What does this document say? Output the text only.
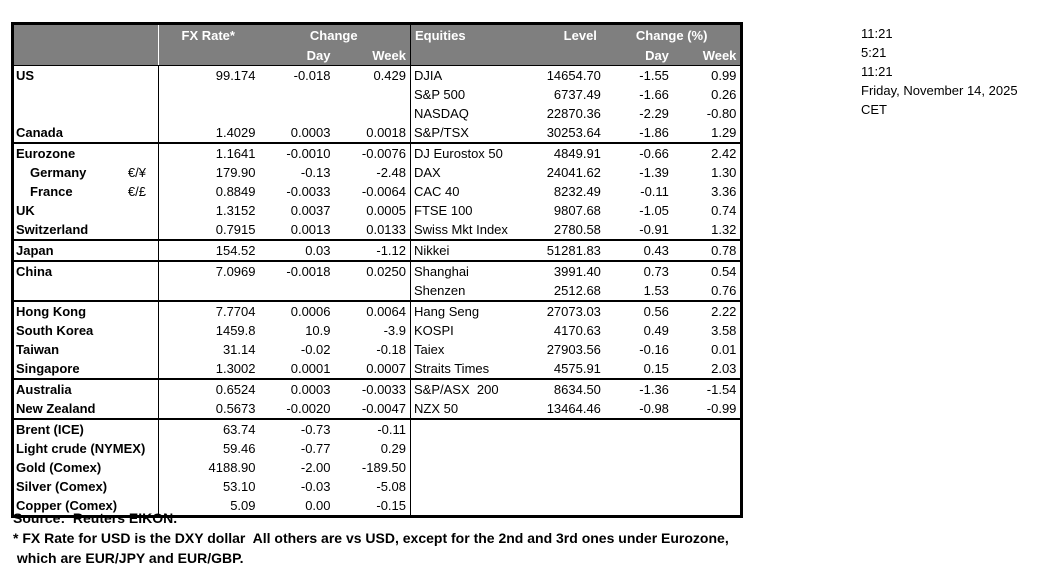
	FX Rate*	Change		Equities	Level	Change (%)	
		Day	Week			Day	Week
US	99.174	-0.018	0.429	DJIA	14654.70	-1.55	0.99
				S&P 500	6737.49	-1.66	0.26
				NASDAQ	22870.36	-2.29	-0.80
Canada	1.4029	0.0003	0.0018	S&P/TSX	30253.64	-1.86	1.29
Eurozone	1.1641	-0.0010	-0.0076	DJ Eurostox 50	4849.91	-0.66	2.42
Germany €/¥	179.90	-0.13	-2.48	DAX	24041.62	-1.39	1.30
France €/£	0.8849	-0.0033	-0.0064	CAC 40	8232.49	-0.11	3.36
UK	1.3152	0.0037	0.0005	FTSE 100	9807.68	-1.05	0.74
Switzerland	0.7915	0.0013	0.0133	Swiss Mkt Index	2780.58	-0.91	1.32
Japan	154.52	0.03	-1.12	Nikkei	51281.83	0.43	0.78
China	7.0969	-0.0018	0.0250	Shanghai	3991.40	0.73	0.54
				Shenzen	2512.68	1.53	0.76
Hong Kong	7.7704	0.0006	0.0064	Hang Seng	27073.03	0.56	2.22
South Korea	1459.8	10.9	-3.9	KOSPI	4170.63	0.49	3.58
Taiwan	31.14	-0.02	-0.18	Taiex	27903.56	-0.16	0.01
Singapore	1.3002	0.0001	0.0007	Straits Times	4575.91	0.15	2.03
Australia	0.6524	0.0003	-0.0033	S&P/ASX  200	8634.50	-1.36	-1.54
New Zealand	0.5673	-0.0020	-0.0047	NZX 50	13464.46	-0.98	-0.99
Brent (ICE)	63.74	-0.73	-0.11				
Light crude (NYMEX)	59.46	-0.77	0.29				
Gold (Comex)	4188.90	-2.00	-189.50				
Silver (Comex)	53.10	-0.03	-5.08				
Copper (Comex)	5.09	0.00	-0.15				
11:21
5:21
11:21
Friday, November 14, 2025
CET
Source:  Reuters EIKON.
* FX Rate for USD is the DXY dollar  All others are vs USD, except for the 2nd and 3rd ones under Eurozone,
which are EUR/JPY and EUR/GBP.
